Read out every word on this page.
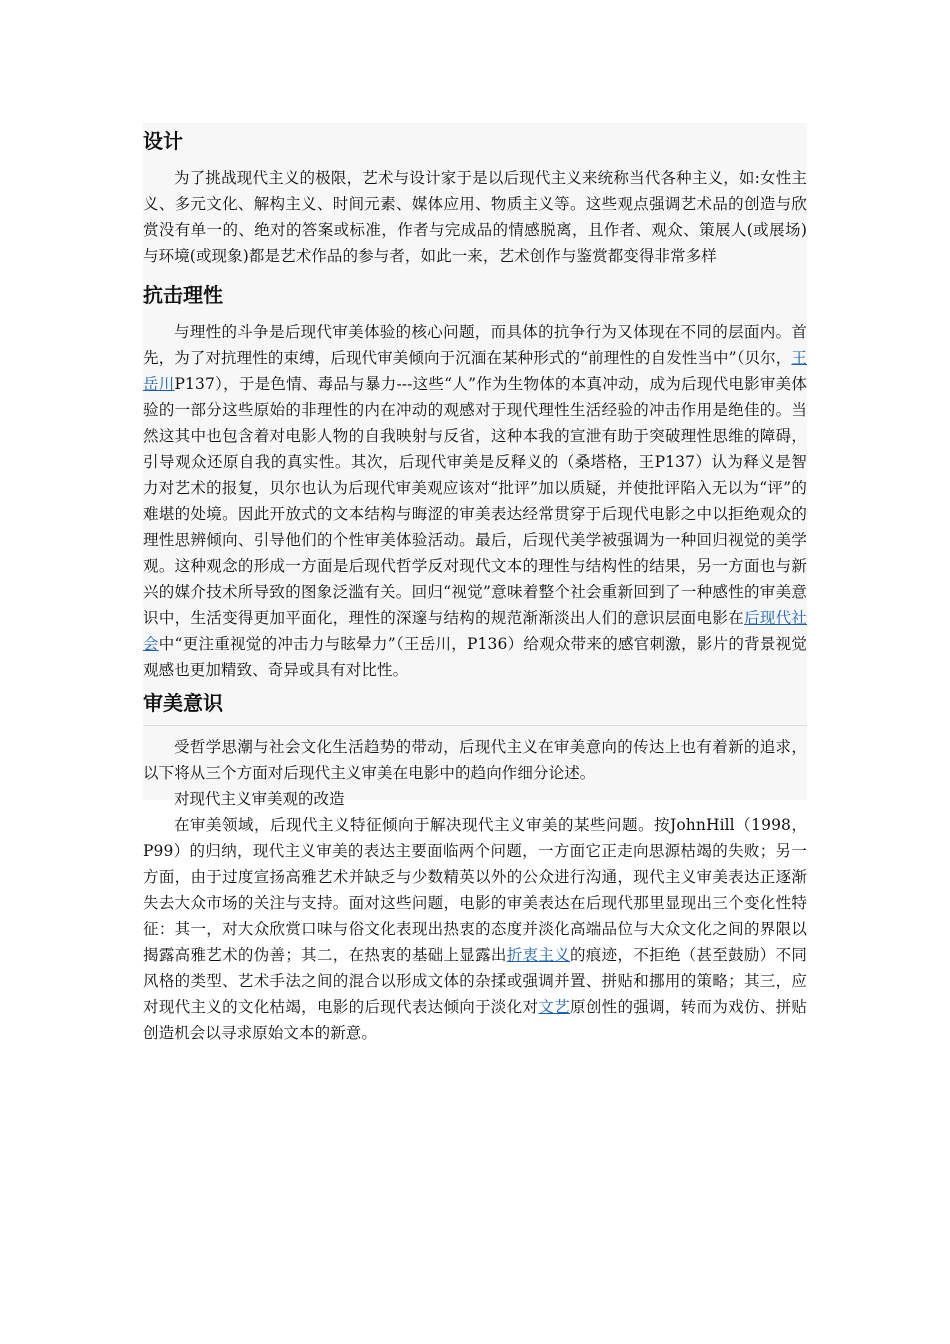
设计

为了挑战现代主义的极限，艺术与设计家于是以后现代主义来统称当代各种主义，如:女性主义、多元文化、解构主义、时间元素、媒体应用、物质主义等。这些观点强调艺术品的创造与欣赏没有单一的、绝对的答案或标准，作者与完成品的情感脱离，且作者、观众、策展人(或展场)与环境(或现象)都是艺术作品的参与者，如此一来，艺术创作与鉴赏都变得非常多样

抗击理性

与理性的斗争是后现代审美体验的核心问题，而具体的抗争行为又体现在不同的层面内。首先，为了对抗理性的束缚，后现代审美倾向于沉湎在某种形式的“前理性的自发性当中”（贝尔，王岳川P137），于是色情、毒品与暴力---这些“人”作为生物体的本真冲动，成为后现代电影审美体验的一部分这些原始的非理性的内在冲动的观感对于现代理性生活经验的冲击作用是绝佳的。当然这其中也包含着对电影人物的自我映射与反省，这种本我的宣泄有助于突破理性思维的障碍，引导观众还原自我的真实性。其次，后现代审美是反释义的（桑塔格，王P137）认为释义是智力对艺术的报复，贝尔也认为后现代审美观应该对“批评”加以质疑，并使批评陷入无以为“评”的难堪的处境。因此开放式的文本结构与晦涩的审美表达经常贯穿于后现代电影之中以拒绝观众的理性思辨倾向、引导他们的个性审美体验活动。最后，后现代美学被强调为一种回归视觉的美学观。这种观念的形成一方面是后现代哲学反对现代文本的理性与结构性的结果，另一方面也与新兴的媒介技术所导致的图象泛滥有关。回归“视觉”意味着整个社会重新回到了一种感性的审美意识中，生活变得更加平面化，理性的深邃与结构的规范渐渐淡出人们的意识层面电影在后现代社会中“更注重视觉的冲击力与眩晕力”（王岳川，P136）给观众带来的感官刺激，影片的背景视觉观感也更加精致、奇异或具有对比性。

审美意识

受哲学思潮与社会文化生活趋势的带动，后现代主义在审美意向的传达上也有着新的追求，以下将从三个方面对后现代主义审美在电影中的趋向作细分论述。

对现代主义审美观的改造

在审美领域，后现代主义特征倾向于解决现代主义审美的某些问题。按JohnHill（1998，P99）的归纳，现代主义审美的表达主要面临两个问题，一方面它正走向思源枯竭的失败；另一方面，由于过度宣扬高雅艺术并缺乏与少数精英以外的公众进行沟通，现代主义审美表达正逐渐失去大众市场的关注与支持。面对这些问题，电影的审美表达在后现代那里显现出三个变化性特征：其一，对大众欣赏口味与俗文化表现出热衷的态度并淡化高端品位与大众文化之间的界限以揭露高雅艺术的伪善；其二，在热衷的基础上显露出折衷主义的痕迹，不拒绝（甚至鼓励）不同风格的类型、艺术手法之间的混合以形成文体的杂揉或强调并置、拼贴和挪用的策略；其三，应对现代主义的文化枯竭，电影的后现代表达倾向于淡化对文艺原创性的强调，转而为戏仿、拼贴创造机会以寻求原始文本的新意。
